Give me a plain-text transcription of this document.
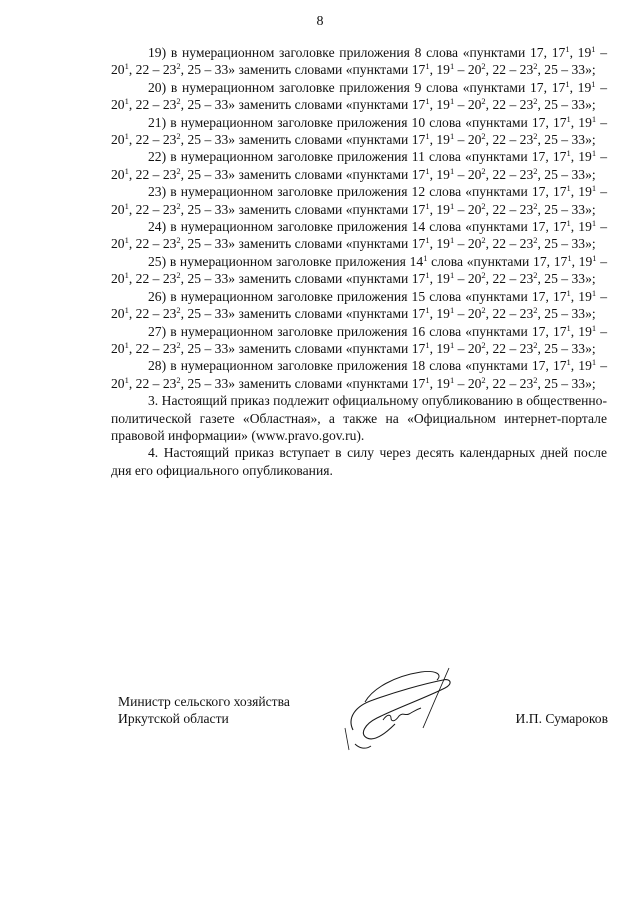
8

19) в нумерационном заголовке приложения 8 слова «пунктами 17, $17^1$, $19^1 - 20^1$, $22 - 23^2$, 25 – 33» заменить словами «пунктами $17^1$, $19^1 - 20^2$, $22 - 23^2$, 25 – 33»;

20) в нумерационном заголовке приложения 9 слова «пунктами 17, $17^1$, $19^1 - 20^1$, $22 - 23^2$, 25 – 33» заменить словами «пунктами $17^1$, $19^1 - 20^2$, $22 - 23^2$, 25 – 33»;

21) в нумерационном заголовке приложения 10 слова «пунктами 17, $17^1$, $19^1 - 20^1$, $22 - 23^2$, 25 – 33» заменить словами «пунктами $17^1$, $19^1 - 20^2$, $22 - 23^2$, 25 – 33»;

22) в нумерационном заголовке приложения 11 слова «пунктами 17, $17^1$, $19^1 - 20^1$, $22 - 23^2$, 25 – 33» заменить словами «пунктами $17^1$, $19^1 - 20^2$, $22 - 23^2$, 25 – 33»;

23) в нумерационном заголовке приложения 12 слова «пунктами 17, $17^1$, $19^1 - 20^1$, $22 - 23^2$, 25 – 33» заменить словами «пунктами $17^1$, $19^1 - 20^2$, $22 - 23^2$, 25 – 33»;

24) в нумерационном заголовке приложения 14 слова «пунктами 17, $17^1$, $19^1 - 20^1$, $22 - 23^2$, 25 – 33» заменить словами «пунктами $17^1$, $19^1 - 20^2$, $22 - 23^2$, 25 – 33»;

25) в нумерационном заголовке приложения $14^1$ слова «пунктами 17, $17^1$, $19^1 - 20^1$, $22 - 23^2$, 25 – 33» заменить словами «пунктами $17^1$, $19^1 - 20^2$, $22 - 23^2$, 25 – 33»;

26) в нумерационном заголовке приложения 15 слова «пунктами 17, $17^1$, $19^1 - 20^1$, $22 - 23^2$, 25 – 33» заменить словами «пунктами $17^1$, $19^1 - 20^2$, $22 - 23^2$, 25 – 33»;

27) в нумерационном заголовке приложения 16 слова «пунктами 17, $17^1$, $19^1 - 20^1$, $22 - 23^2$, 25 – 33» заменить словами «пунктами $17^1$, $19^1 - 20^2$, $22 - 23^2$, 25 – 33»;

28) в нумерационном заголовке приложения 18 слова «пунктами 17, $17^1$, $19^1 - 20^1$, $22 - 23^2$, 25 – 33» заменить словами «пунктами $17^1$, $19^1 - 20^2$, $22 - 23^2$, 25 – 33»;

3. Настоящий приказ подлежит официальному опубликованию в общественно-политической газете «Областная», а также на «Официальном интернет-портале правовой информации» (www.pravo.gov.ru).

4. Настоящий приказ вступает в силу через десять календарных дней после дня его официального опубликования.

Министр сельского хозяйства
Иркутской области	И.П. Сумароков
